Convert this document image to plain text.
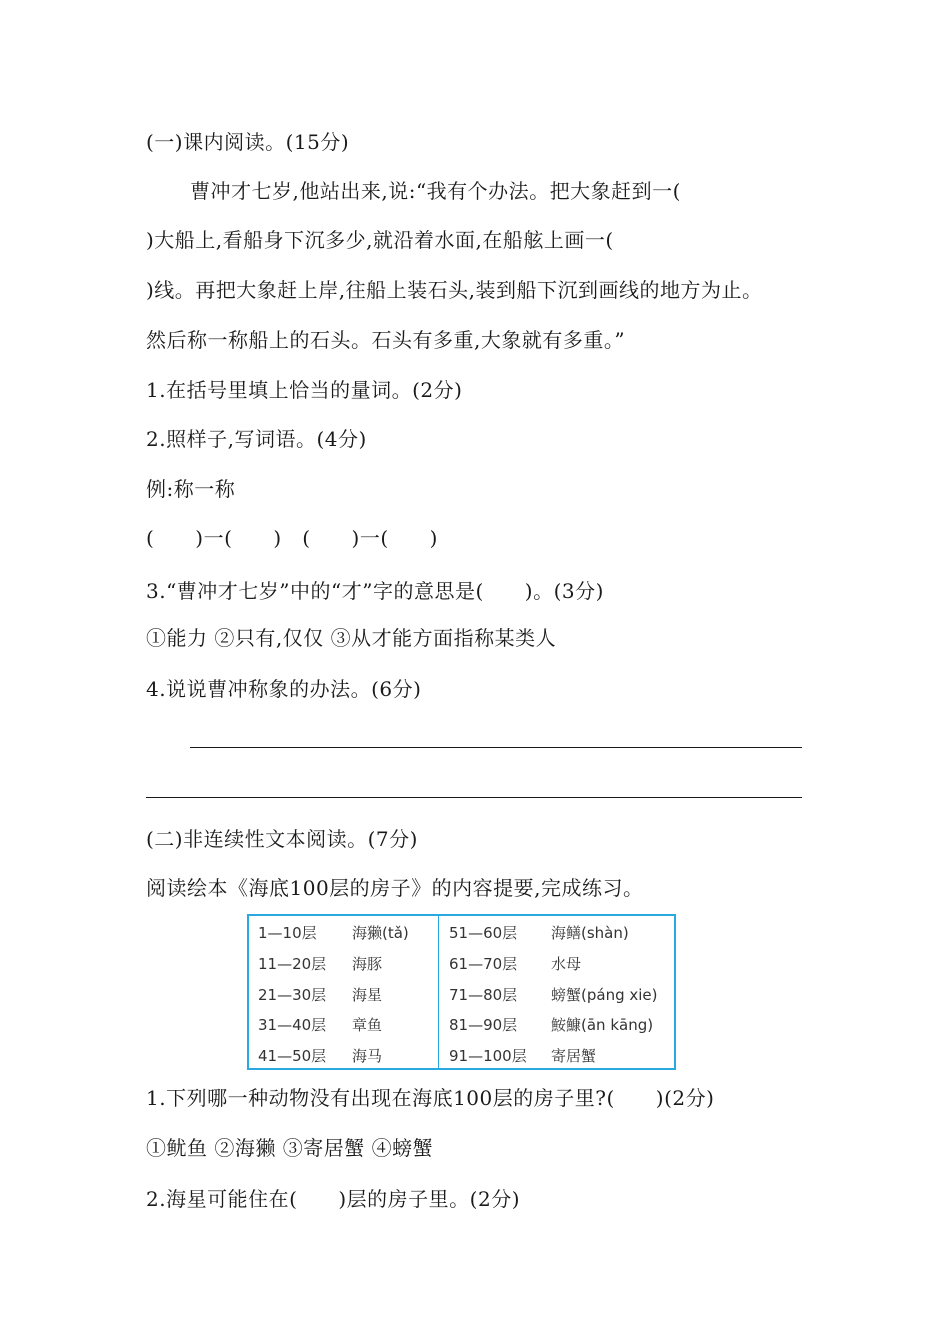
(一)课内阅读。(15分)
曹冲才七岁,他站出来,说:“我有个办法。把大象赶到一(
)大船上,看船身下沉多少,就沿着水面,在船舷上画一(
)线。再把大象赶上岸,往船上装石头,装到船下沉到画线的地方为止。
然后称一称船上的石头。石头有多重,大象就有多重。”
1.在括号里填上恰当的量词。(2分)
2.照样子,写词语。(4分)
例:称一称
(　　)一(　　)　(　　)一(　　)
3.“曹冲才七岁”中的“才”字的意思是(　　)。(3分)
①能力 ②只有,仅仅 ③从才能方面指称某类人
4.说说曹冲称象的办法。(6分)
(二)非连续性文本阅读。(7分)
阅读绘本《海底100层的房子》的内容提要,完成练习。
1—10层 海獭(tǎ)
11—20层 海豚
21—30层 海星
31—40层 章鱼
41—50层 海马
51—60层 海鳝(shàn)
61—70层 水母
71—80层 螃蟹(páng xie)
81—90层 鮟鱇(ān kāng)
91—100层 寄居蟹
1.下列哪一种动物没有出现在海底100层的房子里?(　　)(2分)
①鱿鱼 ②海獭 ③寄居蟹 ④螃蟹
2.海星可能住在(　　)层的房子里。(2分)
